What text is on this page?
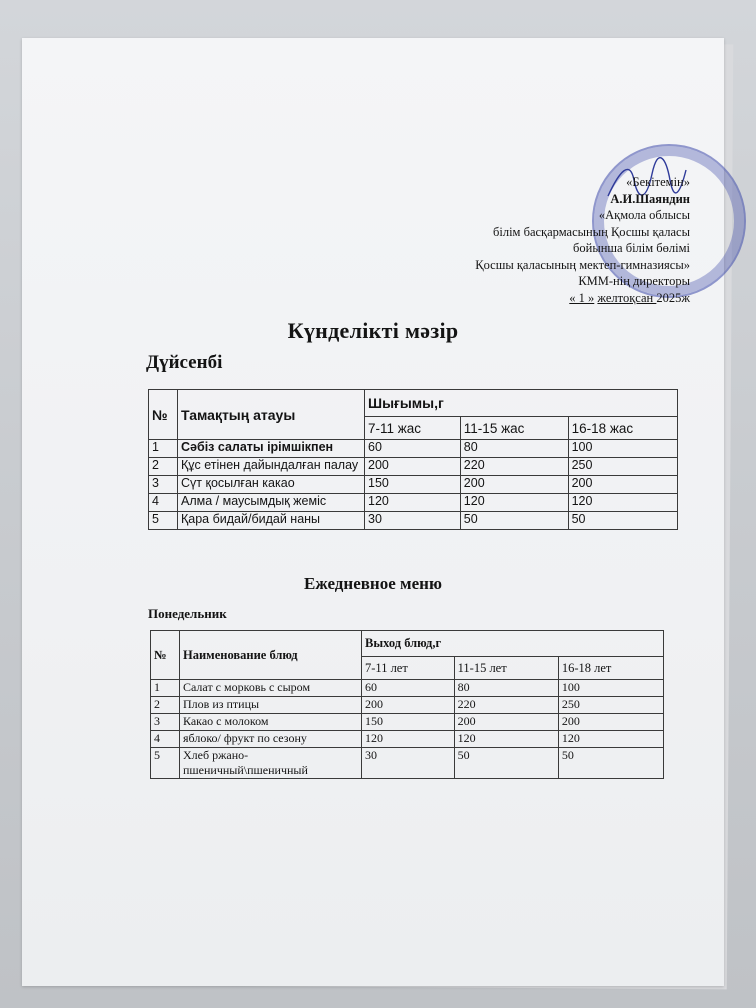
«Бекітемін»
А.И.Шаяндин
«Ақмола облысы
білім басқармасының Қосшы қаласы
бойынша білім бөлімі
Қосшы қаласының мектеп-гимназиясы»
КММ-нің директоры
« 1 » желтоқсан 2025ж
Күнделікті мәзір
Дүйсенбі
№	Тамақтың атауы	Шығымы,г		
		7-11 жас	11-15 жас	16-18 жас
1	Сәбіз салаты ірімшікпен	60	80	100
2	Құс етінен дайындалған палау	200	220	250
3	Сүт қосылған какао	150	200	200
4	Алма / маусымдық жеміс	120	120	120
5	Қара бидай/бидай наны	30	50	50
Ежедневное меню
Понедельник
№	Наименование блюд	Выход блюд,г		
		7-11 лет	11-15 лет	16-18 лет
1	Салат с морковь с сыром	60	80	100
2	Плов из птицы	200	220	250
3	Какао с молоком	150	200	200
4	яблоко/ фрукт по сезону	120	120	120
5	Хлеб ржано-пшеничный\пшеничный	30	50	50
